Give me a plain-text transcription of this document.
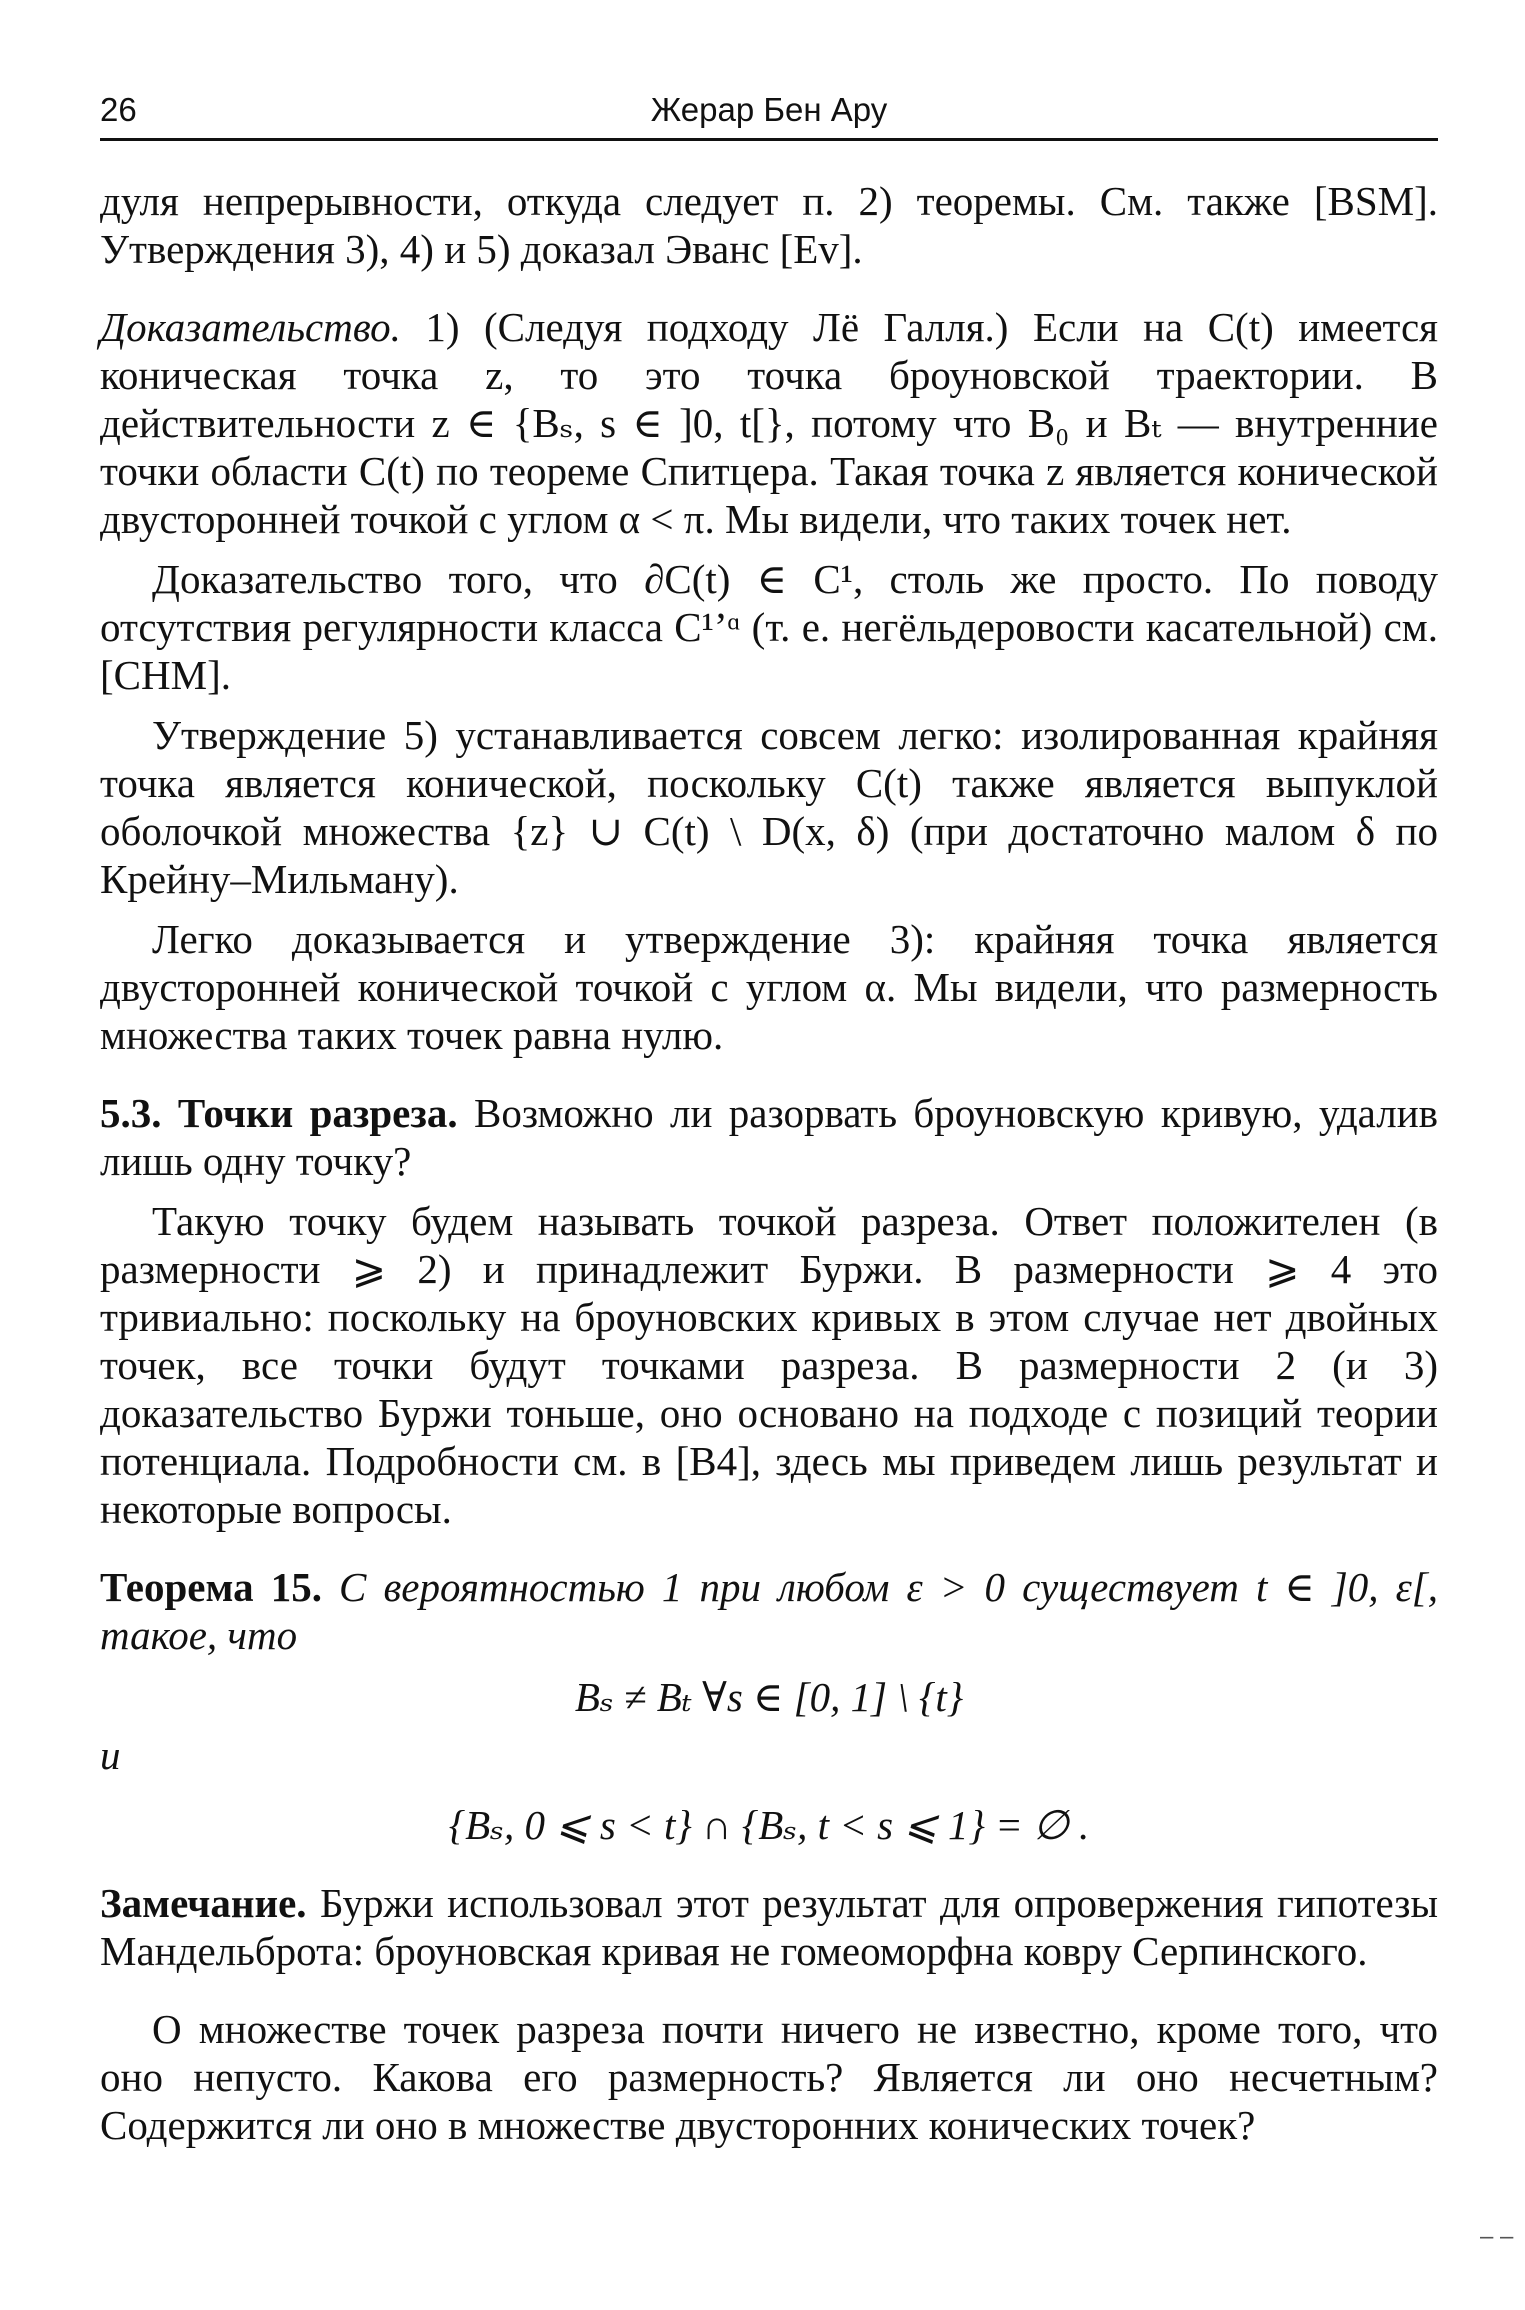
26	Жерар Бен Ару

дуля непрерывности, откуда следует п. 2) теоремы. См. также [BSM]. Утверждения 3), 4) и 5) доказал Эванс [Ev].

Доказательство. 1) (Следуя подходу Лё Галля.) Если на C(t) имеется коническая точка z, то это точка броуновской траектории. В действительности z ∈ {Bₛ, s ∈ ]0, t[}, потому что B₀ и Bₜ — внутренние точки области C(t) по теореме Спитцера. Такая точка z является конической двусторонней точкой с углом α < π. Мы видели, что таких точек нет.

Доказательство того, что ∂C(t) ∈ C¹, столь же просто. По поводу отсутствия регулярности класса C¹ʼᵅ (т. е. негёльдеровости касательной) см. [CHM].

Утверждение 5) устанавливается совсем легко: изолированная крайняя точка является конической, поскольку C(t) также является выпуклой оболочкой множества {z} ∪ C(t) \ D(x, δ) (при достаточно малом δ по Крейну–Мильману).

Легко доказывается и утверждение 3): крайняя точка является двусторонней конической точкой с углом α. Мы видели, что размерность множества таких точек равна нулю.

5.3. Точки разреза. Возможно ли разорвать броуновскую кривую, удалив лишь одну точку?

Такую точку будем называть точкой разреза. Ответ положителен (в размерности ⩾ 2) и принадлежит Буржи. В размерности ⩾ 4 это тривиально: поскольку на броуновских кривых в этом случае нет двойных точек, все точки будут точками разреза. В размерности 2 (и 3) доказательство Буржи тоньше, оно основано на подходе с позиций теории потенциала. Подробности см. в [B4], здесь мы приведем лишь результат и некоторые вопросы.

Теорема 15. С вероятностью 1 при любом ε > 0 существует t ∈ ]0, ε[, такое, что

Bₛ ≠ Bₜ ∀s ∈ [0, 1] \ {t}
и
{Bₛ, 0 ⩽ s < t} ∩ {Bₛ, t < s ⩽ 1} = ∅ .

Замечание. Буржи использовал этот результат для опровержения гипотезы Мандельброта: броуновская кривая не гомеоморфна ковру Серпинского.

О множестве точек разреза почти ничего не известно, кроме того, что оно непусто. Какова его размерность? Является ли оно несчетным? Содержится ли оно в множестве двусторонних конических точек?

– –
